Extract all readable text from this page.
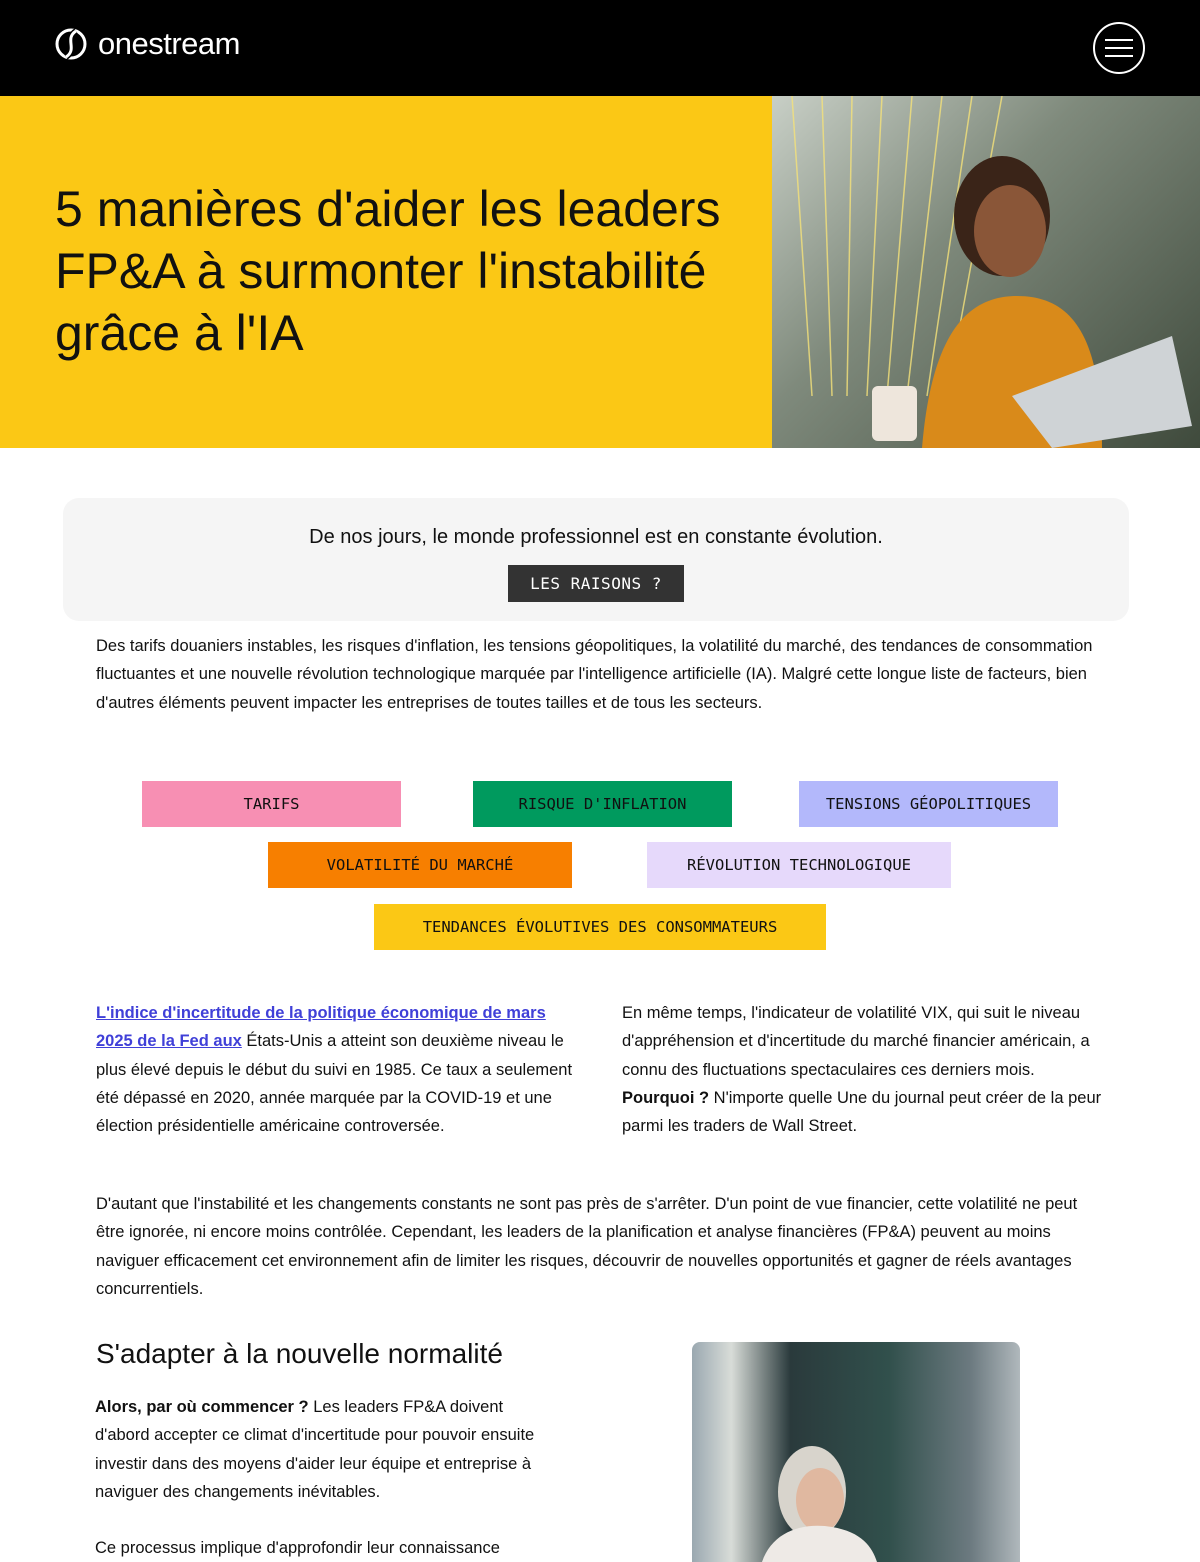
onestream
5 manières d'aider les leaders FP&A à surmonter l'instabilité grâce à l'IA

De nos jours, le monde professionnel est en constante évolution.

LES RAISONS ?

Des tarifs douaniers instables, les risques d'inflation, les tensions géopolitiques, la volatilité du marché, des tendances de consommation fluctuantes et une nouvelle révolution technologique marquée par l'intelligence artificielle (IA). Malgré cette longue liste de facteurs, bien d'autres éléments peuvent impacter les entreprises de toutes tailles et de tous les secteurs.

TARIFS	RISQUE D'INFLATION	TENSIONS GÉOPOLITIQUES
VOLATILITÉ DU MARCHÉ	RÉVOLUTION TECHNOLOGIQUE
TENDANCES ÉVOLUTIVES DES CONSOMMATEURS

L'indice d'incertitude de la politique économique de mars 2025 de la Fed aux États-Unis a atteint son deuxième niveau le plus élevé depuis le début du suivi en 1985. Ce taux a seulement été dépassé en 2020, année marquée par la COVID-19 et une élection présidentielle américaine controversée.

En même temps, l'indicateur de volatilité VIX, qui suit le niveau d'appréhension et d'incertitude du marché financier américain, a connu des fluctuations spectaculaires ces derniers mois. Pourquoi ? N'importe quelle Une du journal peut créer de la peur parmi les traders de Wall Street.

D'autant que l'instabilité et les changements constants ne sont pas près de s'arrêter. D'un point de vue financier, cette volatilité ne peut être ignorée, ni encore moins contrôlée. Cependant, les leaders de la planification et analyse financières (FP&A) peuvent au moins naviguer efficacement cet environnement afin de limiter les risques, découvrir de nouvelles opportunités et gagner de réels avantages concurrentiels.

S'adapter à la nouvelle normalité

Alors, par où commencer ? Les leaders FP&A doivent d'abord accepter ce climat d'incertitude pour pouvoir ensuite investir dans des moyens d'aider leur équipe et entreprise à naviguer des changements inévitables.

Ce processus implique d'approfondir leur connaissance
